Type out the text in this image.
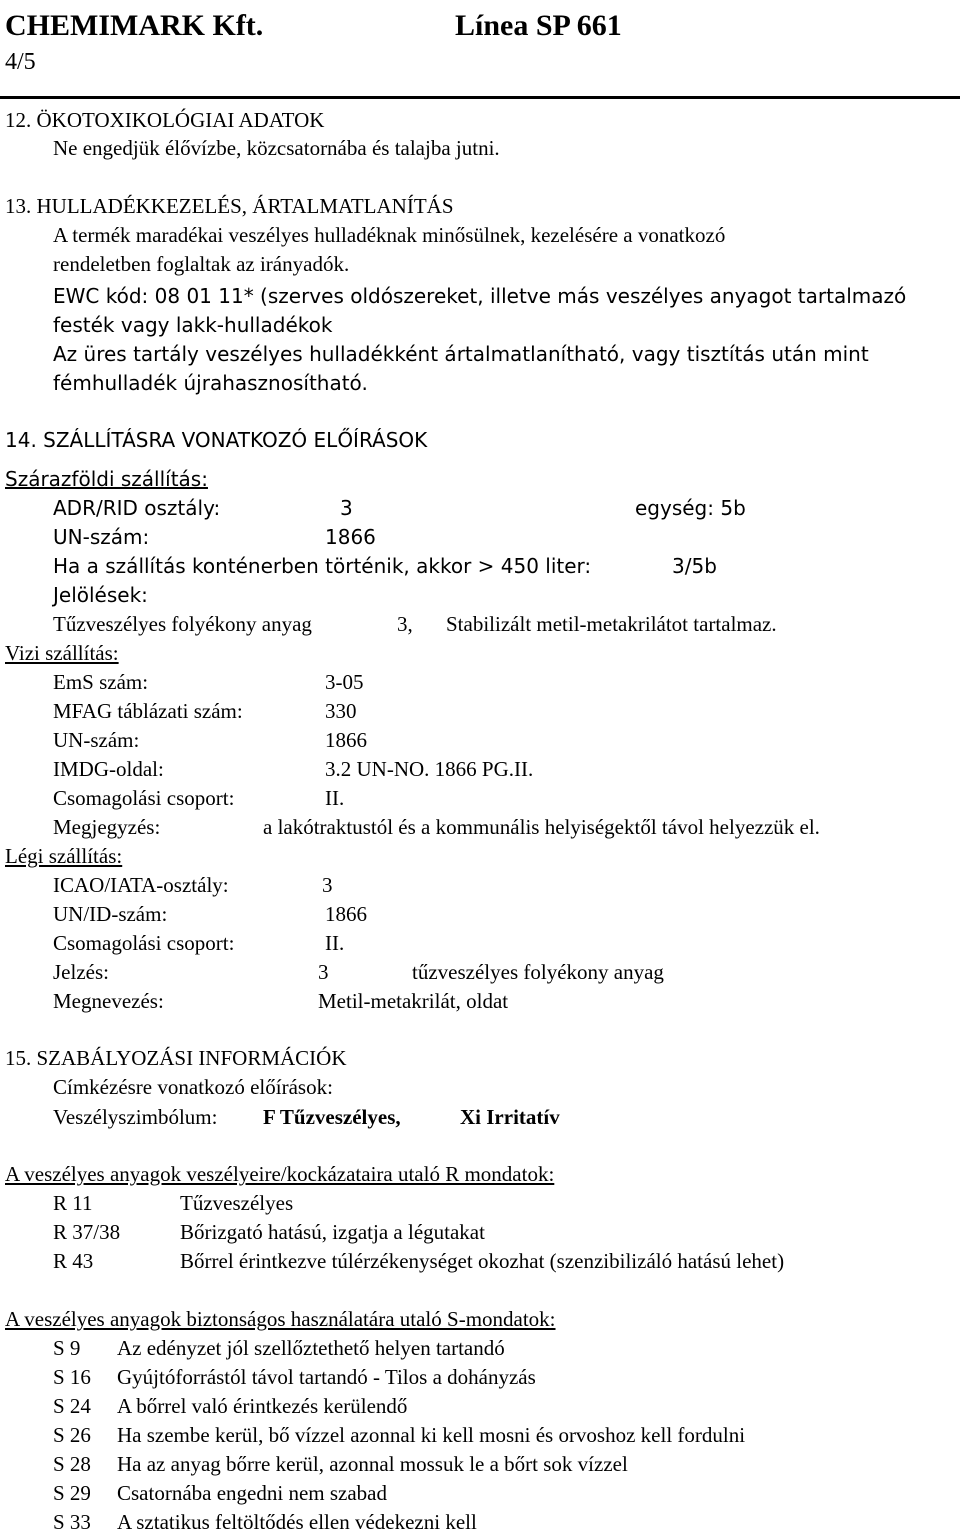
CHEMIMARK Kft.	Línea SP 661
4/5
12. ÖKOTOXIKOLÓGIAI ADATOK
Ne engedjük élővízbe, közcsatornába és talajba jutni.
13. HULLADÉKKEZELÉS, ÁRTALMATLANÍTÁS
A termék maradékai veszélyes hulladéknak minősülnek, kezelésére a vonatkozó
rendeletben foglaltak az irányadók.
EWC kód: 08 01 11* (szerves oldószereket, illetve más veszélyes anyagot tartalmazó
festék vagy lakk-hulladékok
Az üres tartály veszélyes hulladékként ártalmatlanítható, vagy tisztítás után mint
fémhulladék újrahasznosítható.
14. SZÁLLÍTÁSRA VONATKOZÓ ELŐÍRÁSOK
Szárazföldi szállítás:
ADR/RID osztály:	3	egység: 5b
UN-szám:	1866
Ha a szállítás konténerben történik, akkor > 450 liter:	3/5b
Jelölések:
Tűzveszélyes folyékony anyag	3, Stabilizált metil-metakrilátot tartalmaz.
Vizi szállítás:
EmS szám:	3-05
MFAG táblázati szám:	330
UN-szám:	1866
IMDG-oldal:	3.2 UN-NO. 1866 PG.II.
Csomagolási csoport:	II.
Megjegyzés:	a lakótraktustól és a kommunális helyiségektől távol helyezzük el.
Légi szállítás:
ICAO/IATA-osztály:	3
UN/ID-szám:	1866
Csomagolási csoport:	II.
Jelzés:	3	tűzveszélyes folyékony anyag
Megnevezés:	Metil-metakrilát, oldat
15. SZABÁLYOZÁSI INFORMÁCIÓK
Címkézésre vonatkozó előírások:
Veszélyszimbólum: F Tűzveszélyes,	Xi Irritatív
A veszélyes anyagok veszélyeire/kockázataira utaló R mondatok:
R 11	Tűzveszélyes
R 37/38	Bőrizgató hatású, izgatja a légutakat
R 43	Bőrrel érintkezve túlérzékenységet okozhat (szenzibilizáló hatású lehet)
A veszélyes anyagok biztonságos használatára utaló S-mondatok:
S 9 Az edényzet jól szellőztethető helyen tartandó
S 16 Gyújtóforrástól távol tartandó - Tilos a dohányzás
S 24 A bőrrel való érintkezés kerülendő
S 26 Ha szembe kerül, bő vízzel azonnal ki kell mosni és orvoshoz kell fordulni
S 28 Ha az anyag bőrre kerül, azonnal mossuk le a bőrt sok vízzel
S 29 Csatornába engedni nem szabad
S 33 A sztatikus feltöltődés ellen védekezni kell
